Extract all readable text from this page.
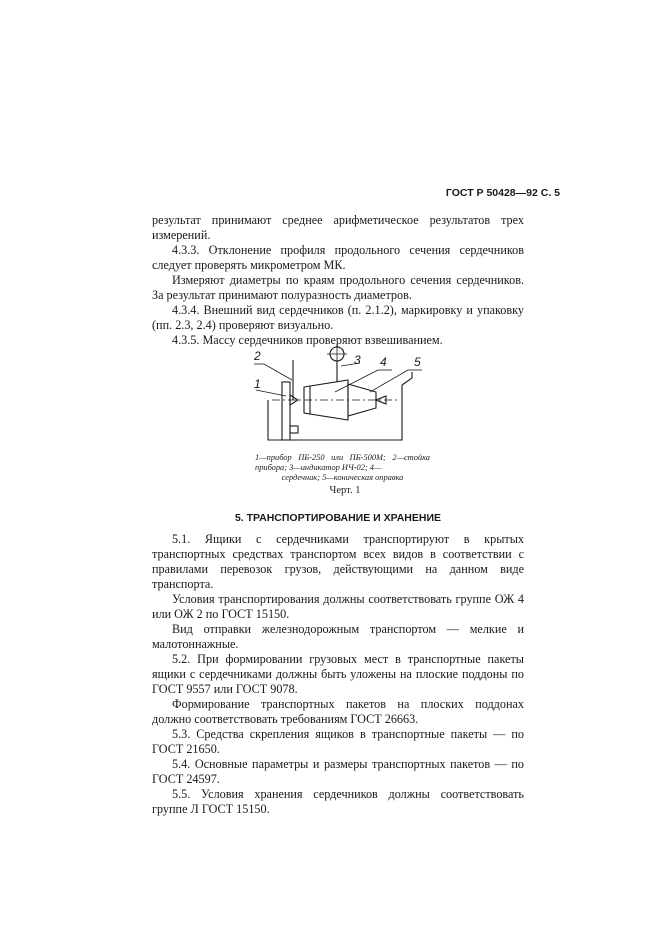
ГОСТ Р 50428—92 С. 5

результат принимают среднее арифметическое результатов трех измерений.

4.3.3. Отклонение профиля продольного сечения сердечников следует проверять микрометром МК.

Измеряют диаметры по краям продольного сечения сердечников. За результат принимают полуразность диаметров.

4.3.4. Внешний вид сердечников (п. 2.1.2), маркировку и упаковку (пп. 2.3, 2.4) проверяют визуально.

4.3.5. Массу сердечников проверяют взвешиванием.

1
2	3 4 5
1—прибор ПБ-250 или ПБ-500М; 2—стойка прибора; 3—индикатор ИЧ-02; 4—
сердечник; 5—коническая оправка
Черт. 1
5. ТРАНСПОРТИРОВАНИЕ И ХРАНЕНИЕ

5.1. Ящики с сердечниками транспортируют в крытых транспортных средствах транспортом всех видов в соответствии с правилами перевозок грузов, действующими на данном виде транспорта.

Условия транспортирования должны соответствовать группе ОЖ 4 или ОЖ 2 по ГОСТ 15150.

Вид отправки железнодорожным транспортом — мелкие и малотоннажные.

5.2. При формировании грузовых мест в транспортные пакеты ящики с сердечниками должны быть уложены на плоские поддоны по ГОСТ 9557 или ГОСТ 9078.

Формирование транспортных пакетов на плоских поддонах должно соответствовать требованиям ГОСТ 26663.

5.3. Средства скрепления ящиков в транспортные пакеты — по ГОСТ 21650.

5.4. Основные параметры и размеры транспортных пакетов — по ГОСТ 24597.

5.5. Условия хранения сердечников должны соответствовать группе Л ГОСТ 15150.
